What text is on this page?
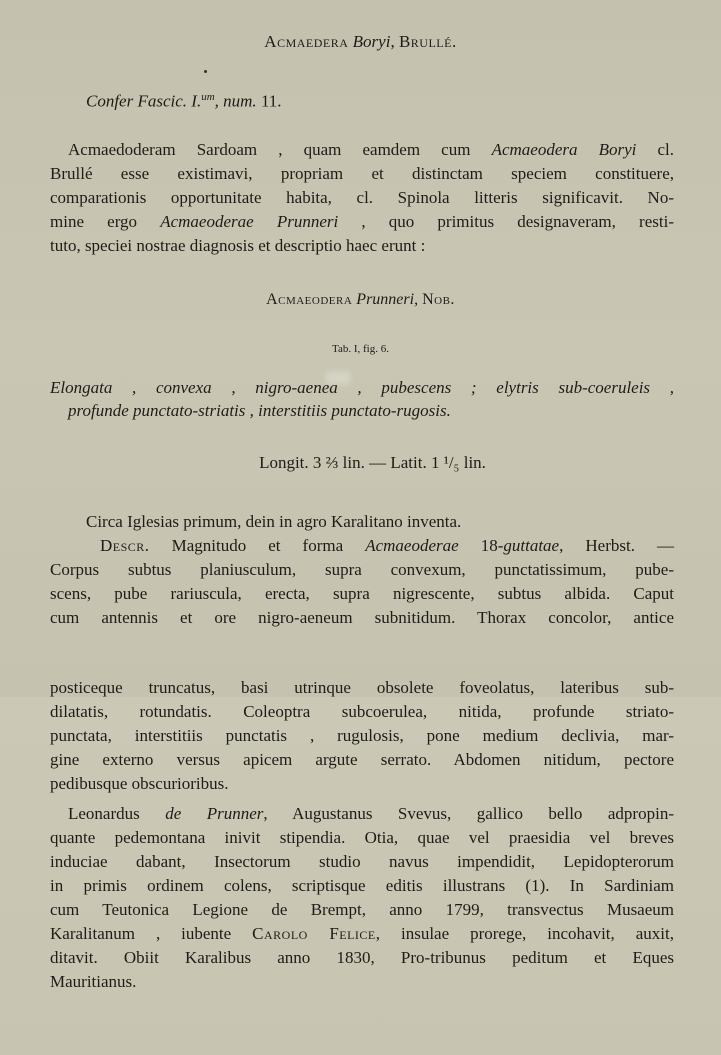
Acmaedera Boryi, Brullé.
Confer Fascic. I.$^{um}$, num. 11.
Acmaedoderam Sardoam , quam eamdem cum Acmaeodera Boryi cl.
Brullé esse existimavi, propriam et distinctam speciem constituere,
comparationis opportunitate habita, cl. Spinola litteris significavit. No-
mine ergo Acmaeoderae Prunneri , quo primitus designaveram, resti-
tuto, speciei nostrae diagnosis et descriptio haec erunt :
Acmaeodera Prunneri, Nob.
Tab. I, fig. 6.
Elongata , convexa , nigro-aenea , pubescens ; elytris sub-coeruleis ,
profunde punctato-striatis , interstitiis punctato-rugosis.
Longit. 3 ⅔ lin. — Latit. 1 ¹/₅ lin.
Circa Iglesias primum, dein in agro Karalitano inventa.
Descr. Magnitudo et forma Acmaeoderae 18-guttatae, Herbst. —
Corpus subtus planiusculum, supra convexum, punctatissimum, pube-
scens, pube rariuscula, erecta, supra nigrescente, subtus albida. Caput
cum antennis et ore nigro-aeneum subnitidum. Thorax concolor, antice
posticeque truncatus, basi utrinque obsolete foveolatus, lateribus sub-
dilatatis, rotundatis. Coleoptra subcoerulea, nitida, profunde striato-
punctata, interstitiis punctatis , rugulosis, pone medium declivia, mar-
gine externo versus apicem argute serrato. Abdomen nitidum, pectore
pedibusque obscurioribus.
Leonardus de Prunner, Augustanus Svevus, gallico bello adpropin-
quante pedemontana inivit stipendia. Otia, quae vel praesidia vel breves
induciae dabant, Insectorum studio navus impendidit, Lepidopterorum
in primis ordinem colens, scriptisque editis illustrans (1). In Sardiniam
cum Teutonica Legione de Brempt, anno 1799, transvectus Musaeum
Karalitanum , iubente Carolo Felice, insulae prorege, incohavit, auxit,
ditavit. Obiit Karalibus anno 1830, Pro-tribunus peditum et Eques
Mauritianus.
